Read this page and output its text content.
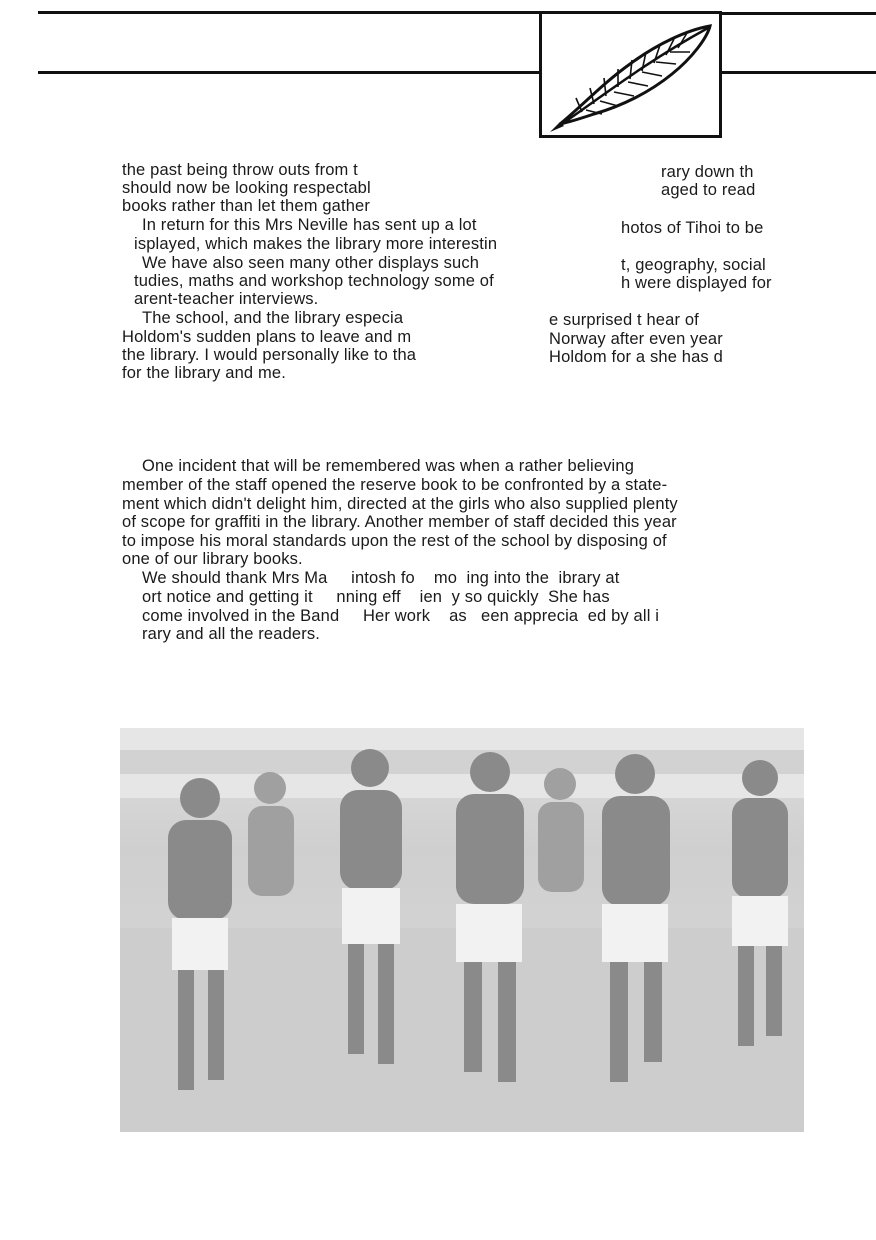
the past being throw outs from t
should now be looking respectabl
books rather than let them gather
In return for this Mrs Neville has sent up a lot
isplayed, which makes the library more interestin
We have also seen many other displays such
tudies, maths and workshop technology some of
arent-teacher interviews.
The school, and the library especia
Holdom's sudden plans to leave and m
the library. I would personally like to tha
for the library and me.
rary down th
aged to read
hotos of Tihoi to be
t, geography, social
h were displayed for
e surprised t hear of
Norway after even year
Holdom for a she has d
One incident that will be remembered was when a rather believing
member of the staff opened the reserve book to be confronted by a state-
ment which didn't delight him, directed at the girls who also supplied plenty
of scope for graffiti in the library. Another member of staff decided this year
to impose his moral standards upon the rest of the school by disposing of
one of our library books.
We should thank Mrs Ma     intosh fo    mo  ing into the  ibrary at
ort notice and getting it     nning eff    ien  y so quickly  She has
come involved in the Band     Her work    as   een apprecia  ed by all i
rary and all the readers.
